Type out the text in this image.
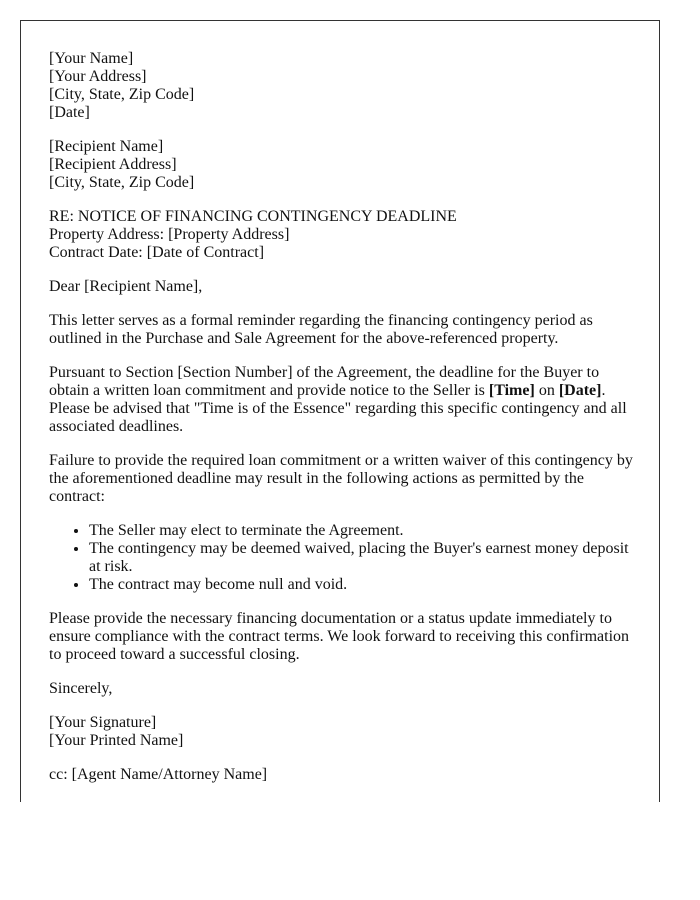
[Your Name]
[Your Address]
[City, State, Zip Code]
[Date]
[Recipient Name]
[Recipient Address]
[City, State, Zip Code]
RE: NOTICE OF FINANCING CONTINGENCY DEADLINE
Property Address: [Property Address]
Contract Date: [Date of Contract]

Dear [Recipient Name],

This letter serves as a formal reminder regarding the financing contingency period as outlined in the Purchase and Sale Agreement for the above-referenced property.

Pursuant to Section [Section Number] of the Agreement, the deadline for the Buyer to obtain a written loan commitment and provide notice to the Seller is [Time] on [Date]. Please be advised that "Time is of the Essence" regarding this specific contingency and all associated deadlines.

Failure to provide the required loan commitment or a written waiver of this contingency by the aforementioned deadline may result in the following actions as permitted by the contract:

• The Seller may elect to terminate the Agreement.
• The contingency may be deemed waived, placing the Buyer's earnest money deposit at risk.
• The contract may become null and void.

Please provide the necessary financing documentation or a status update immediately to ensure compliance with the contract terms. We look forward to receiving this confirmation to proceed toward a successful closing.

Sincerely,

[Your Signature]
[Your Printed Name]

cc: [Agent Name/Attorney Name]
